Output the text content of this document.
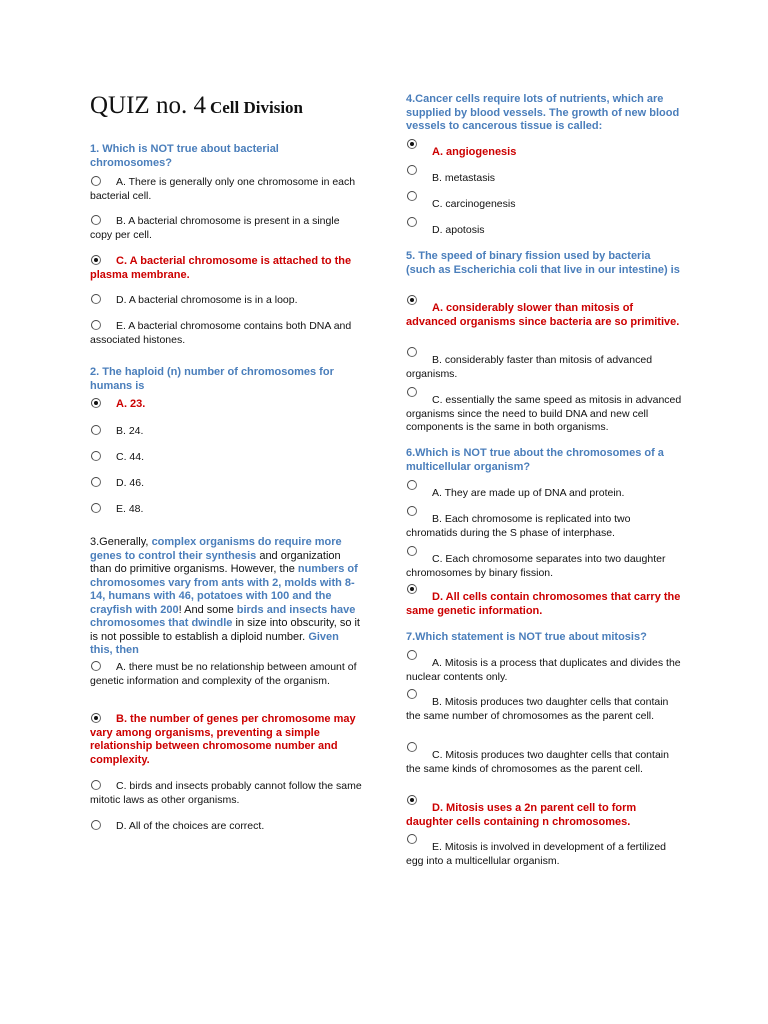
QUIZ no. 4 Cell Division
1. Which is NOT true about bacterial chromosomes?
A. There is generally only one chromosome in each bacterial cell.
B. A bacterial chromosome is present in a single copy per cell.
C. A bacterial chromosome is attached to the plasma membrane.
D. A bacterial chromosome is in a loop.
E. A bacterial chromosome contains both DNA and associated histones.
2. The haploid (n) number of chromosomes for humans is
A. 23.
B. 24.
C. 44.
D. 46.
E. 48.
3.Generally, complex organisms do require more genes to control their synthesis and organization than do primitive organisms. However, the numbers of chromosomes vary from ants with 2, molds with 8-14, humans with 46, potatoes with 100 and the crayfish with 200! And some birds and insects have chromosomes that dwindle in size into obscurity, so it is not possible to establish a diploid number. Given this, then
A. there must be no relationship between amount of genetic information and complexity of the organism.
B. the number of genes per chromosome may vary among organisms, preventing a simple relationship between chromosome number and complexity.
C. birds and insects probably cannot follow the same mitotic laws as other organisms.
D. All of the choices are correct.
4.Cancer cells require lots of nutrients, which are supplied by blood vessels. The growth of new blood vessels to cancerous tissue is called:
A. angiogenesis
B. metastasis
C. carcinogenesis
D. apotosis
5. The speed of binary fission used by bacteria (such as Escherichia coli that live in our intestine) is
A. considerably slower than mitosis of advanced organisms since bacteria are so primitive.
B. considerably faster than mitosis of advanced organisms.
C. essentially the same speed as mitosis in advanced organisms since the need to build DNA and new cell components is the same in both organisms.
6.Which is NOT true about the chromosomes of a multicellular organism?
A. They are made up of DNA and protein.
B. Each chromosome is replicated into two chromatids during the S phase of interphase.
C. Each chromosome separates into two daughter chromosomes by binary fission.
D. All cells contain chromosomes that carry the same genetic information.
7.Which statement is NOT true about mitosis?
A. Mitosis is a process that duplicates and divides the nuclear contents only.
B. Mitosis produces two daughter cells that contain the same number of chromosomes as the parent cell.
C. Mitosis produces two daughter cells that contain the same kinds of chromosomes as the parent cell.
D. Mitosis uses a 2n parent cell to form daughter cells containing n chromosomes.
E. Mitosis is involved in development of a fertilized egg into a multicellular organism.
